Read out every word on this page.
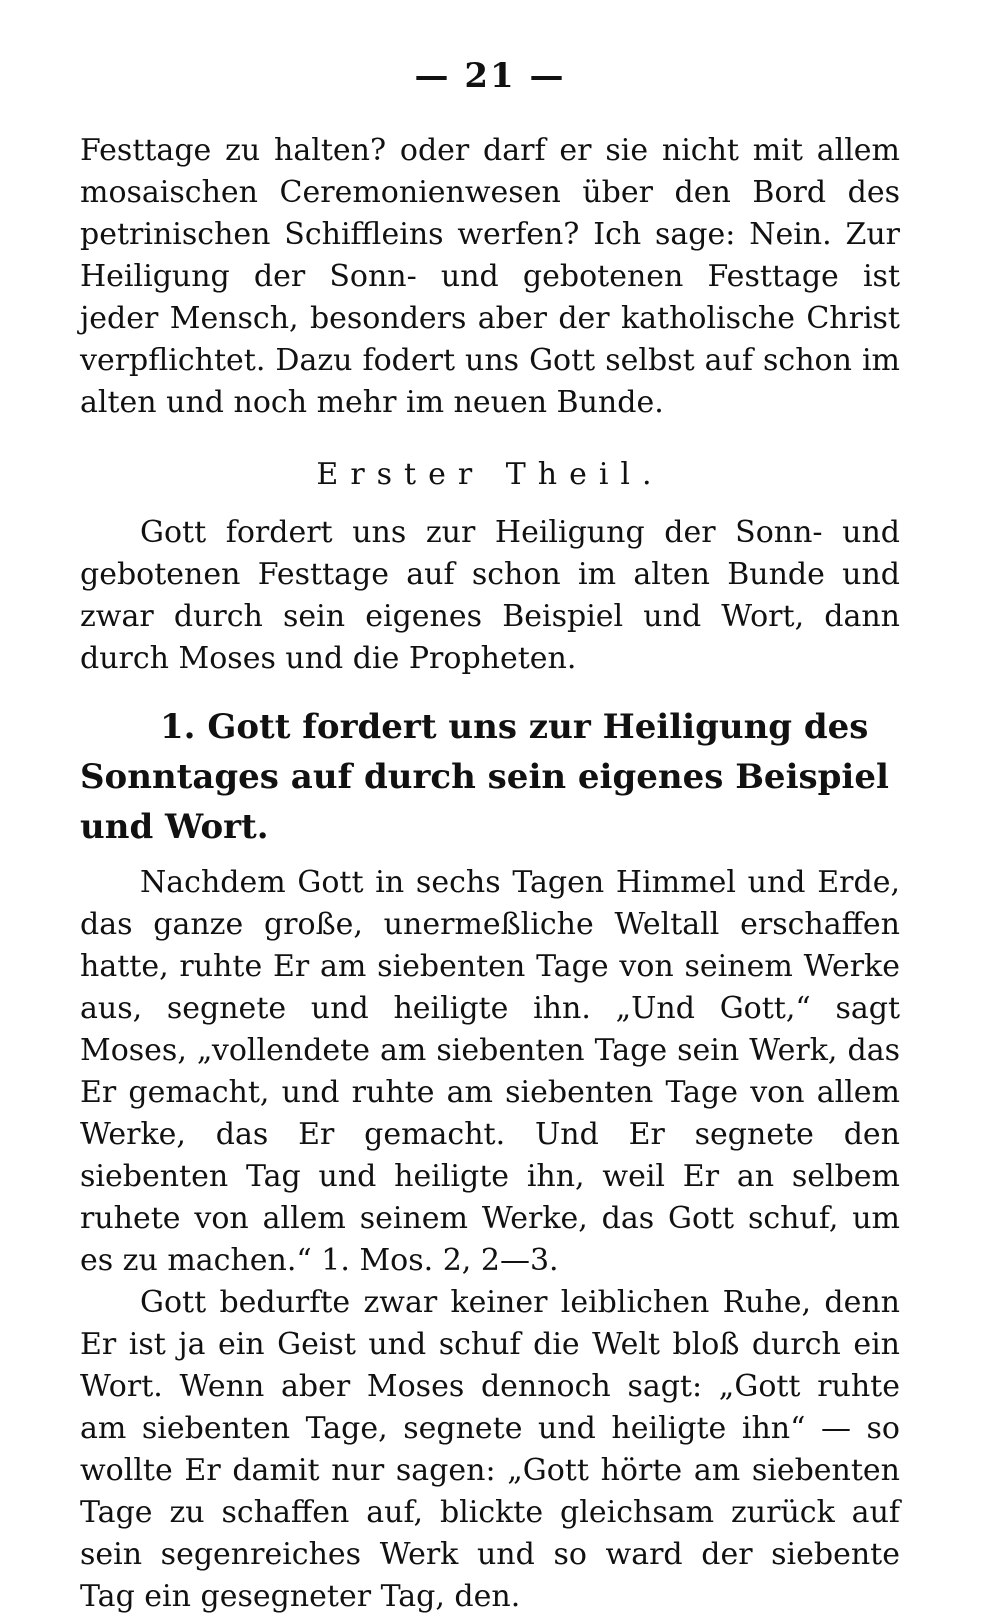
— 21 —

Festtage zu halten? oder darf er sie nicht mit allem mosaischen Ceremonienwesen über den Bord des petrinischen Schiffleins werfen? Ich sage: Nein. Zur Heiligung der Sonn- und gebotenen Festtage ist jeder Mensch, besonders aber der katholische Christ verpflichtet. Dazu fodert uns Gott selbst auf schon im alten und noch mehr im neuen Bunde.

Erster Theil.

Gott fordert uns zur Heiligung der Sonn- und gebotenen Festtage auf schon im alten Bunde und zwar durch sein eigenes Beispiel und Wort, dann durch Moses und die Propheten.

1. Gott fordert uns zur Heiligung des Sonntages auf durch sein eigenes Beispiel und Wort.

Nachdem Gott in sechs Tagen Himmel und Erde, das ganze große, unermeßliche Weltall erschaffen hatte, ruhte Er am siebenten Tage von seinem Werke aus, segnete und heiligte ihn. „Und Gott,“ sagt Moses, „vollendete am siebenten Tage sein Werk, das Er gemacht, und ruhte am siebenten Tage von allem Werke, das Er gemacht. Und Er segnete den siebenten Tag und heiligte ihn, weil Er an selbem ruhete von allem seinem Werke, das Gott schuf, um es zu machen.“ 1. Mos. 2, 2—3.

Gott bedurfte zwar keiner leiblichen Ruhe, denn Er ist ja ein Geist und schuf die Welt bloß durch ein Wort. Wenn aber Moses dennoch sagt: „Gott ruhte am siebenten Tage, segnete und heiligte ihn“ — so wollte Er damit nur sagen: „Gott hörte am siebenten Tage zu schaffen auf, blickte gleichsam zurück auf sein segenreiches Werk und so ward der siebente Tag ein gesegneter Tag, den.
